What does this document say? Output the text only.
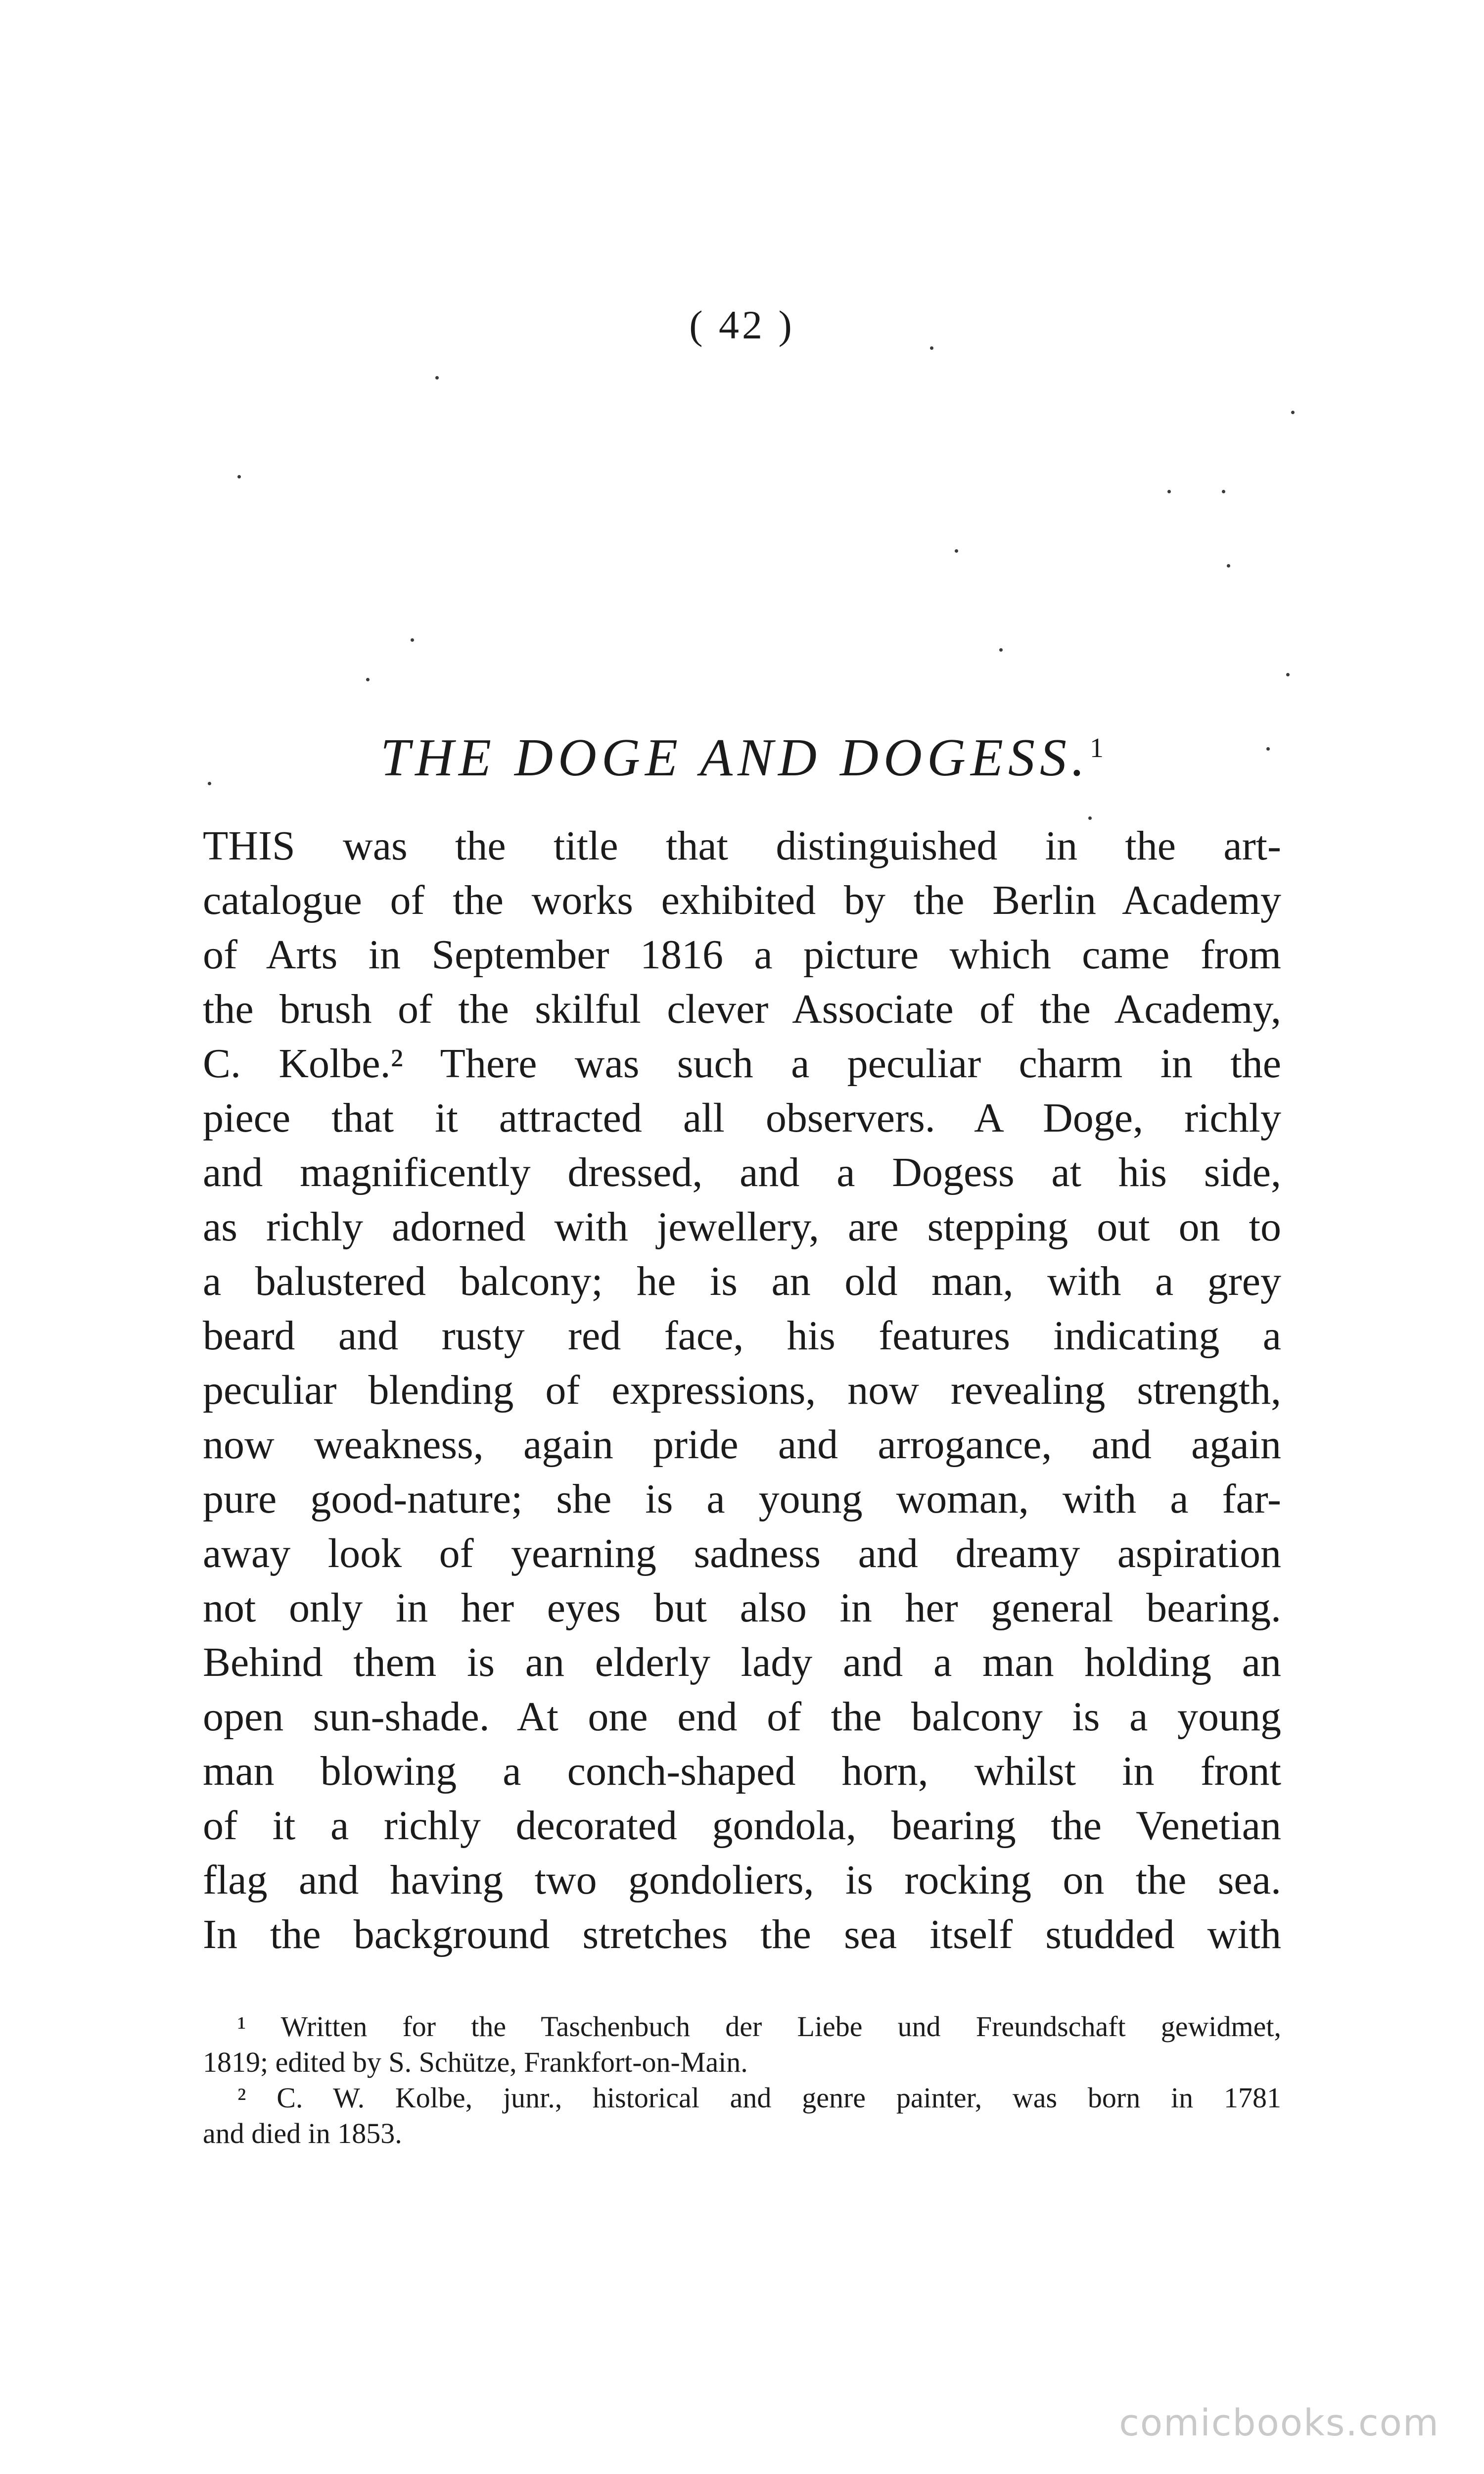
( 42 )
THE DOGE AND DOGESS.$^1$
THIS was the title that distinguished in the art-
catalogue of the works exhibited by the Berlin Academy
of Arts in September 1816 a picture which came from
the brush of the skilful clever Associate of the Academy,
C. Kolbe.² There was such a peculiar charm in the
piece that it attracted all observers. A Doge, richly
and magnificently dressed, and a Dogess at his side,
as richly adorned with jewellery, are stepping out on to
a balustered balcony; he is an old man, with a grey
beard and rusty red face, his features indicating a
peculiar blending of expressions, now revealing strength,
now weakness, again pride and arrogance, and again
pure good-nature; she is a young woman, with a far-
away look of yearning sadness and dreamy aspiration
not only in her eyes but also in her general bearing.
Behind them is an elderly lady and a man holding an
open sun-shade. At one end of the balcony is a young
man blowing a conch-shaped horn, whilst in front
of it a richly decorated gondola, bearing the Venetian
flag and having two gondoliers, is rocking on the sea.
In the background stretches the sea itself studded with
¹ Written for the Taschenbuch der Liebe und Freundschaft gewidmet,
1819; edited by S. Schütze, Frankfort-on-Main.
² C. W. Kolbe, junr., historical and genre painter, was born in 1781
and died in 1853.
comicbooks.com
